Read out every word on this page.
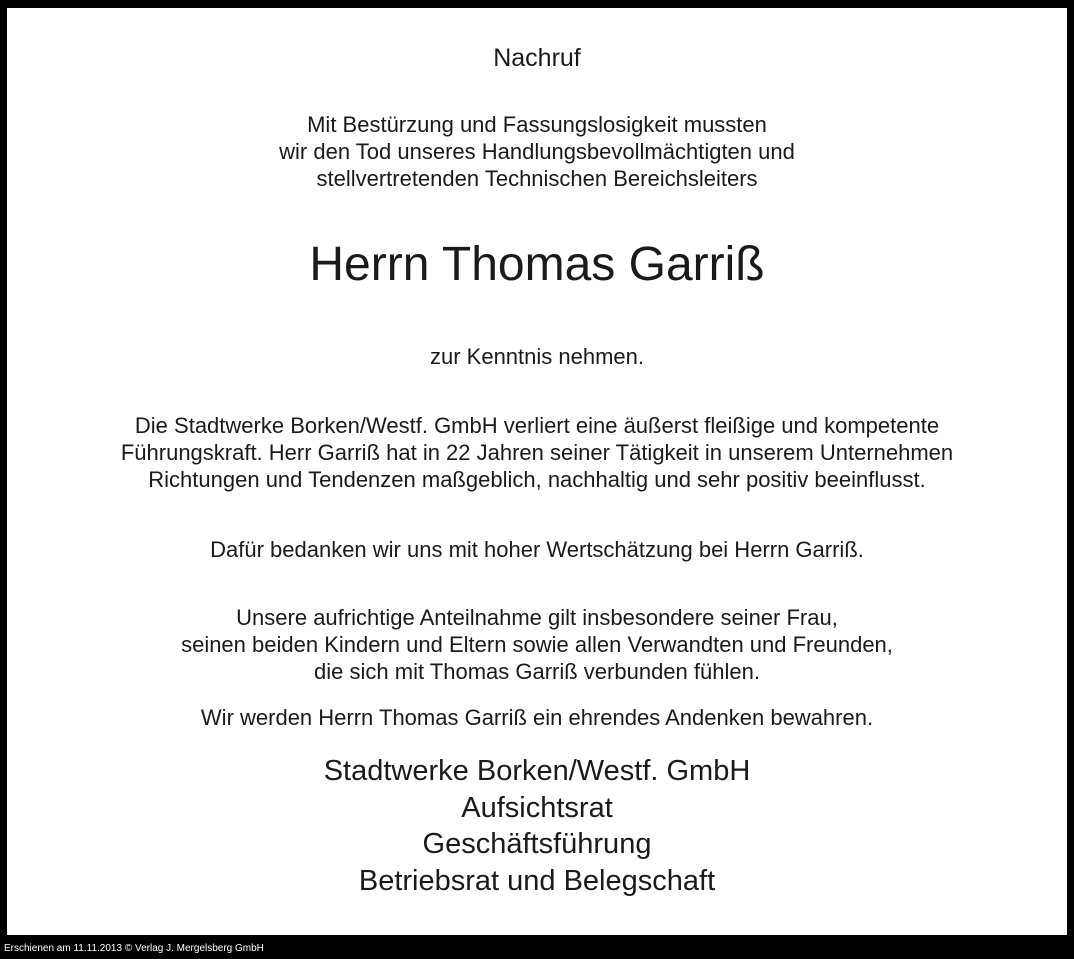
Nachruf

Mit Bestürzung und Fassungslosigkeit mussten

wir den Tod unseres Handlungsbevollmächtigten und

stellvertretenden Technischen Bereichsleiters

Herrn Thomas Garriß

zur Kenntnis nehmen.

Die Stadtwerke Borken/Westf. GmbH verliert eine äußerst fleißige und kompetente

Führungskraft. Herr Garriß hat in 22 Jahren seiner Tätigkeit in unserem Unternehmen

Richtungen und Tendenzen maßgeblich, nachhaltig und sehr positiv beeinflusst.

Dafür bedanken wir uns mit hoher Wertschätzung bei Herrn Garriß.

Unsere aufrichtige Anteilnahme gilt insbesondere seiner Frau,

seinen beiden Kindern und Eltern sowie allen Verwandten und Freunden,

die sich mit Thomas Garriß verbunden fühlen.

Wir werden Herrn Thomas Garriß ein ehrendes Andenken bewahren.

Stadtwerke Borken/Westf. GmbH

Aufsichtsrat

Geschäftsführung

Betriebsrat und Belegschaft

Erschienen am 11.11.2013 © Verlag J. Mergelsberg GmbH
